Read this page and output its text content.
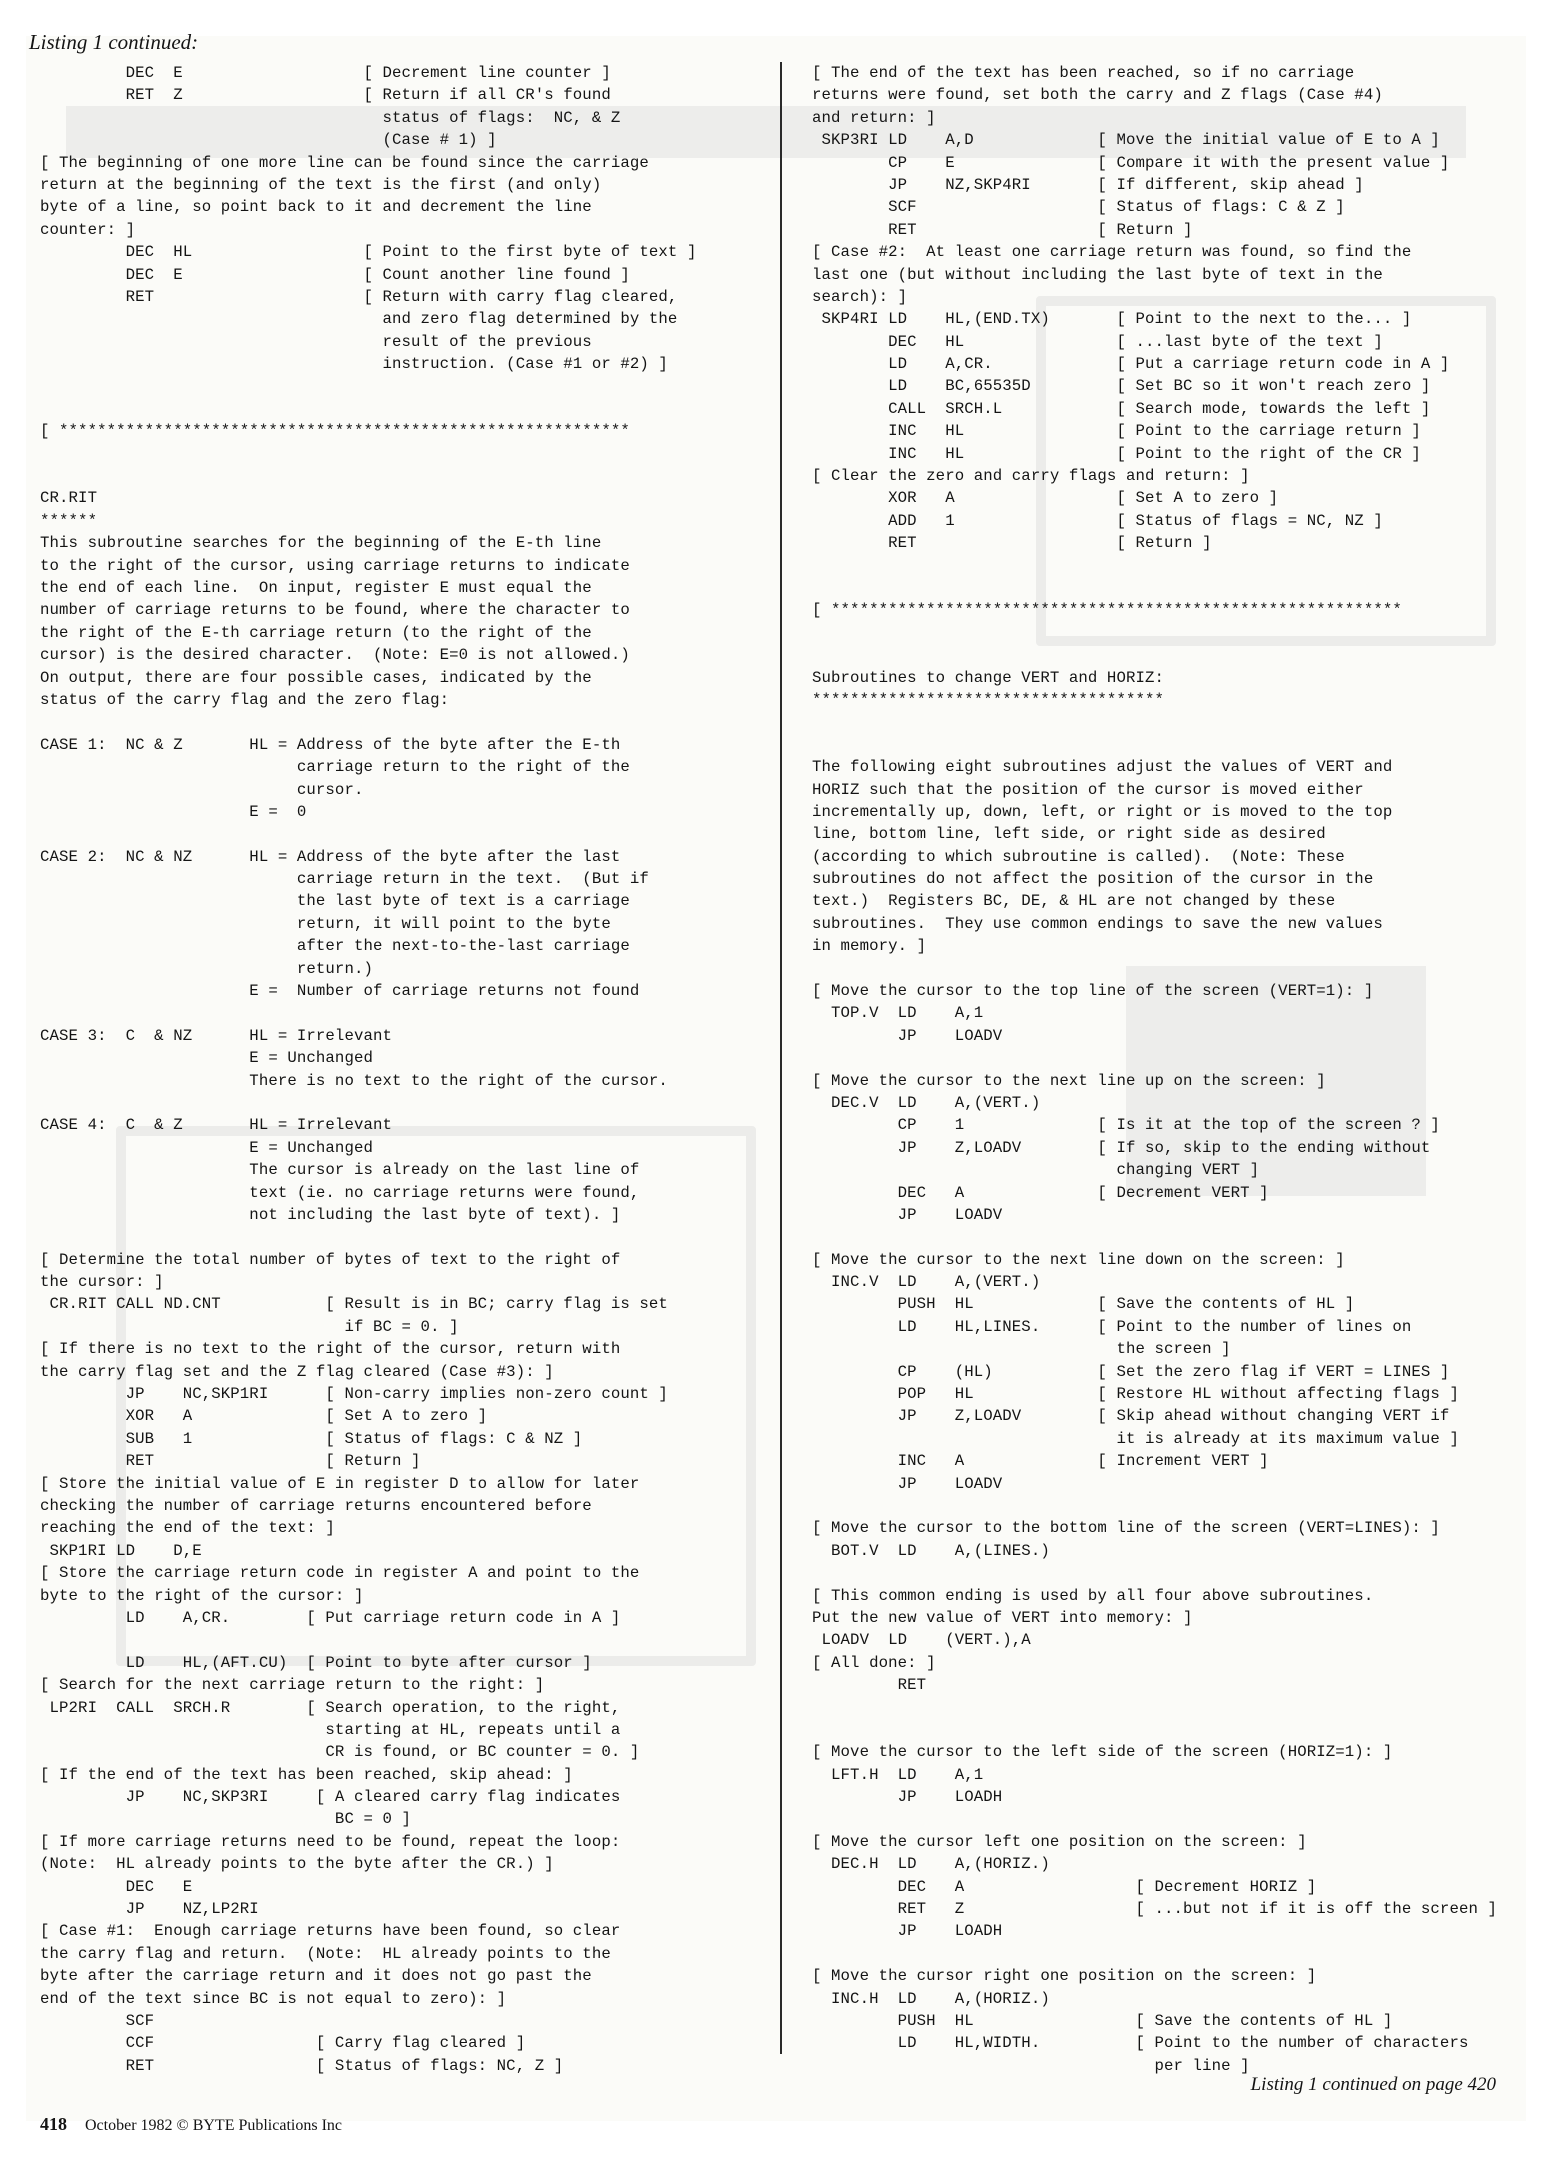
Listing 1 continued:
DEC  E                   [ Decrement line counter ]
RET  Z                   [ Return if all CR's found
status of flags:  NC, & Z
(Case # 1) ]
[ The beginning of one more line can be found since the carriage
return at the beginning of the text is the first (and only)
byte of a line, so point back to it and decrement the line
counter: ]
DEC  HL                  [ Point to the first byte of text ]
DEC  E                   [ Count another line found ]
RET                      [ Return with carry flag cleared,
and zero flag determined by the
result of the previous
instruction. (Case #1 or #2) ]
[ ************************************************************
CR.RIT
******
This subroutine searches for the beginning of the E-th line
to the right of the cursor, using carriage returns to indicate
the end of each line.  On input, register E must equal the
number of carriage returns to be found, where the character to
the right of the E-th carriage return (to the right of the
cursor) is the desired character.  (Note: E=0 is not allowed.)
On output, there are four possible cases, indicated by the
status of the carry flag and the zero flag:
CASE 1:  NC & Z       HL = Address of the byte after the E-th
carriage return to the right of the
cursor.
E =  0
CASE 2:  NC & NZ      HL = Address of the byte after the last
carriage return in the text.  (But if
the last byte of text is a carriage
return, it will point to the byte
after the next-to-the-last carriage
return.)
E =  Number of carriage returns not found
CASE 3:  C  & NZ      HL = Irrelevant
E = Unchanged
There is no text to the right of the cursor.
CASE 4:  C  & Z       HL = Irrelevant
E = Unchanged
The cursor is already on the last line of
text (ie. no carriage returns were found,
not including the last byte of text). ]
[ Determine the total number of bytes of text to the right of
the cursor: ]
CR.RIT CALL ND.CNT           [ Result is in BC; carry flag is set
if BC = 0. ]
[ If there is no text to the right of the cursor, return with
the carry flag set and the Z flag cleared (Case #3): ]
JP    NC,SKP1RI      [ Non-carry implies non-zero count ]
XOR   A              [ Set A to zero ]
SUB   1              [ Status of flags: C & NZ ]
RET                  [ Return ]
[ Store the initial value of E in register D to allow for later
checking the number of carriage returns encountered before
reaching the end of the text: ]
SKP1RI LD    D,E
[ Store the carriage return code in register A and point to the
byte to the right of the cursor: ]
LD    A,CR.        [ Put carriage return code in A ]
LD    HL,(AFT.CU)  [ Point to byte after cursor ]
[ Search for the next carriage return to the right: ]
LP2RI  CALL  SRCH.R        [ Search operation, to the right,
starting at HL, repeats until a
CR is found, or BC counter = 0. ]
[ If the end of the text has been reached, skip ahead: ]
JP    NC,SKP3RI     [ A cleared carry flag indicates
BC = 0 ]
[ If more carriage returns need to be found, repeat the loop:
(Note:  HL already points to the byte after the CR.) ]
DEC   E
JP    NZ,LP2RI
[ Case #1:  Enough carriage returns have been found, so clear
the carry flag and return.  (Note:  HL already points to the
byte after the carriage return and it does not go past the
end of the text since BC is not equal to zero): ]
SCF
CCF                 [ Carry flag cleared ]
RET                 [ Status of flags: NC, Z ]
[ The end of the text has been reached, so if no carriage
returns were found, set both the carry and Z flags (Case #4)
and return: ]
SKP3RI LD    A,D             [ Move the initial value of E to A ]
CP    E               [ Compare it with the present value ]
JP    NZ,SKP4RI       [ If different, skip ahead ]
SCF                   [ Status of flags: C & Z ]
RET                   [ Return ]
[ Case #2:  At least one carriage return was found, so find the
last one (but without including the last byte of text in the
search): ]
SKP4RI LD    HL,(END.TX)       [ Point to the next to the... ]
DEC   HL                [ ...last byte of the text ]
LD    A,CR.             [ Put a carriage return code in A ]
LD    BC,65535D         [ Set BC so it won't reach zero ]
CALL  SRCH.L            [ Search mode, towards the left ]
INC   HL                [ Point to the carriage return ]
INC   HL                [ Point to the right of the CR ]
[ Clear the zero and carry flags and return: ]
XOR   A                 [ Set A to zero ]
ADD   1                 [ Status of flags = NC, NZ ]
RET                     [ Return ]
[ ************************************************************
Subroutines to change VERT and HORIZ:
*************************************
The following eight subroutines adjust the values of VERT and
HORIZ such that the position of the cursor is moved either
incrementally up, down, left, or right or is moved to the top
line, bottom line, left side, or right side as desired
(according to which subroutine is called).  (Note: These
subroutines do not affect the position of the cursor in the
text.)  Registers BC, DE, & HL are not changed by these
subroutines.  They use common endings to save the new values
in memory. ]
[ Move the cursor to the top line of the screen (VERT=1): ]
TOP.V  LD    A,1
JP    LOADV
[ Move the cursor to the next line up on the screen: ]
DEC.V  LD    A,(VERT.)
CP    1              [ Is it at the top of the screen ? ]
JP    Z,LOADV        [ If so, skip to the ending without
changing VERT ]
DEC   A              [ Decrement VERT ]
JP    LOADV
[ Move the cursor to the next line down on the screen: ]
INC.V  LD    A,(VERT.)
PUSH  HL             [ Save the contents of HL ]
LD    HL,LINES.      [ Point to the number of lines on
the screen ]
CP    (HL)           [ Set the zero flag if VERT = LINES ]
POP   HL             [ Restore HL without affecting flags ]
JP    Z,LOADV        [ Skip ahead without changing VERT if
it is already at its maximum value ]
INC   A              [ Increment VERT ]
JP    LOADV
[ Move the cursor to the bottom line of the screen (VERT=LINES): ]
BOT.V  LD    A,(LINES.)
[ This common ending is used by all four above subroutines.
Put the new value of VERT into memory: ]
LOADV  LD    (VERT.),A
[ All done: ]
RET
[ Move the cursor to the left side of the screen (HORIZ=1): ]
LFT.H  LD    A,1
JP    LOADH
[ Move the cursor left one position on the screen: ]
DEC.H  LD    A,(HORIZ.)
DEC   A                  [ Decrement HORIZ ]
RET   Z                  [ ...but not if it is off the screen ]
JP    LOADH
[ Move the cursor right one position on the screen: ]
INC.H  LD    A,(HORIZ.)
PUSH  HL                 [ Save the contents of HL ]
LD    HL,WIDTH.          [ Point to the number of characters
per line ]
Listing 1 continued on page 420
418 October 1982 © BYTE Publications Inc
